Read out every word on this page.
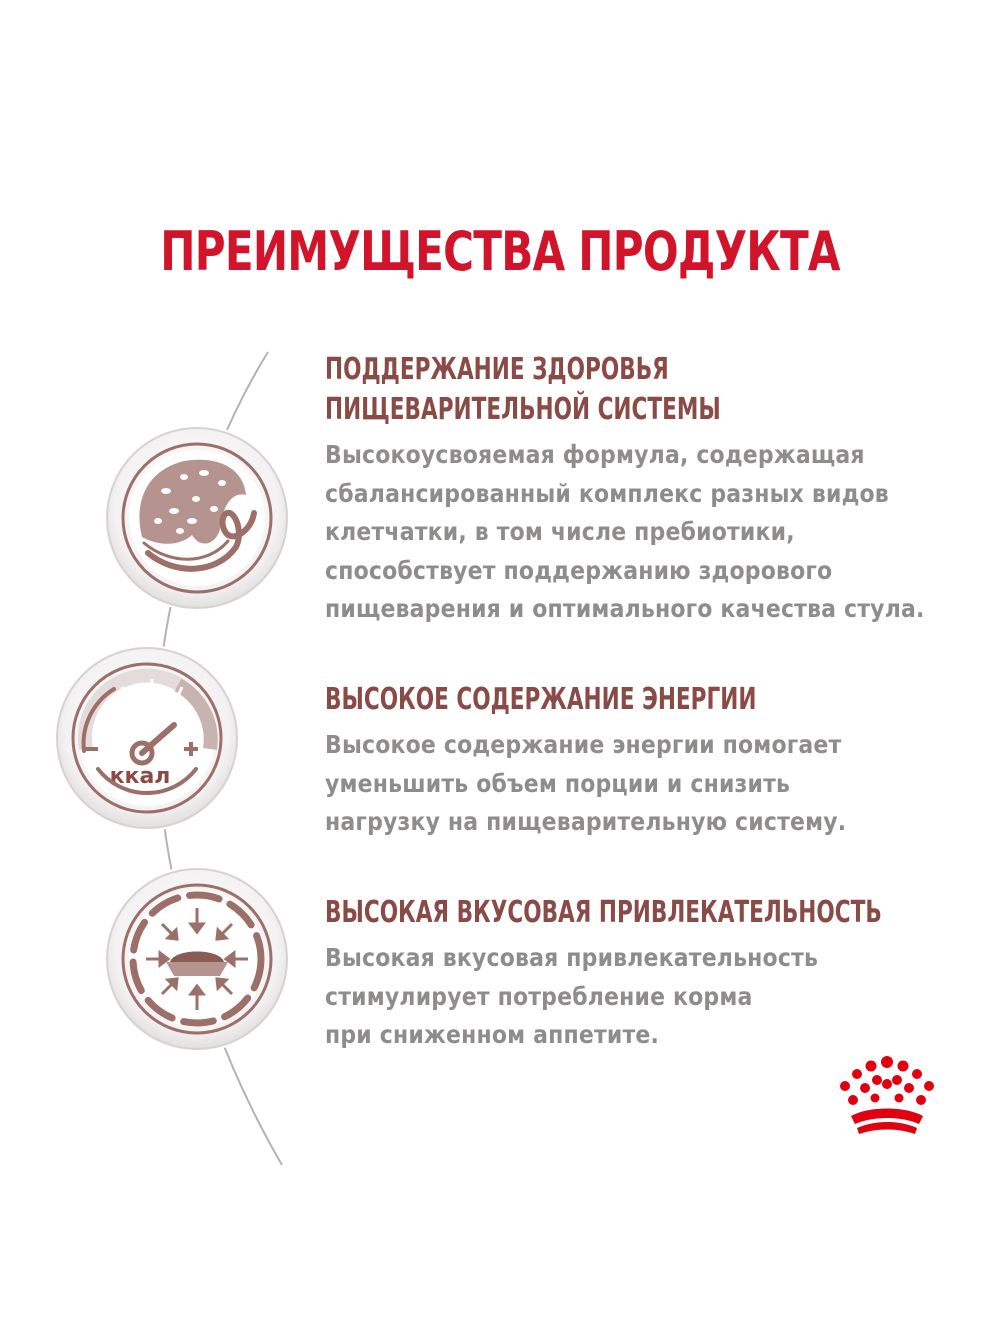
ПРЕИМУЩЕСТВА ПРОДУКТА
ккал
ПОДДЕРЖАНИЕ ЗДОРОВЬЯ
ПИЩЕВАРИТЕЛЬНОЙ СИСТЕМЫ
Высокоусвояемая формула, содержащая
сбалансированный комплекс разных видов
клетчатки, в том числе пребиотики,
способствует поддержанию здорового
пищеварения и оптимального качества стула.
ВЫСОКОЕ СОДЕРЖАНИЕ ЭНЕРГИИ
Высокое содержание энергии помогает
уменьшить объем порции и снизить
нагрузку на пищеварительную систему.
ВЫСОКАЯ ВКУСОВАЯ ПРИВЛЕКАТЕЛЬНОСТЬ
Высокая вкусовая привлекательность
стимулирует потребление корма
при сниженном аппетите.
